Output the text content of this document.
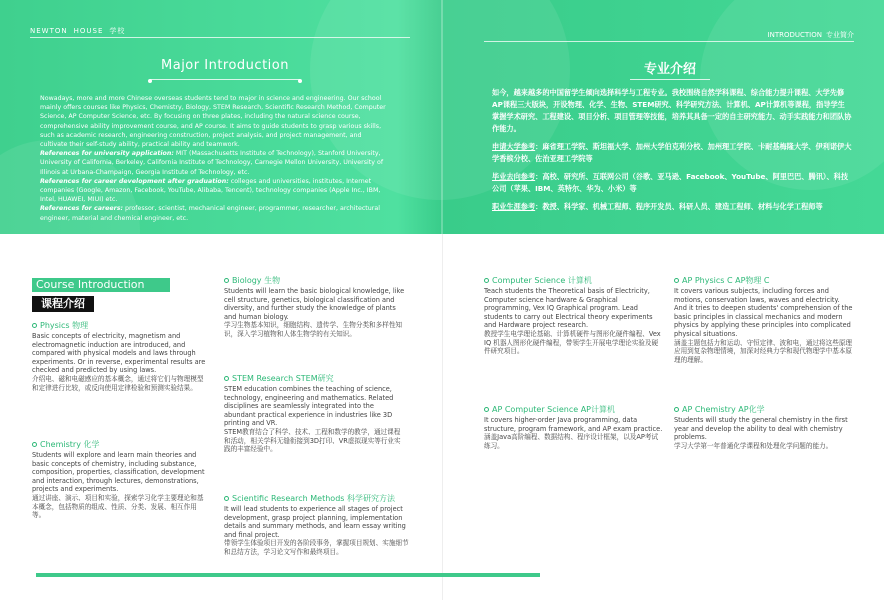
NEWTON HOUSE 学校	INTRODUCTION 专业简介
Major Introduction

Nowadays, more and more Chinese overseas students tend to major in science and engineering. Our school mainly offers courses like Physics, Chemistry, Biology, STEM Research, Scientific Research Method, Computer Science, AP Computer Science, etc. By focusing on three plates, including the natural science course, comprehensive ability improvement course, and AP course. It aims to guide students to grasp various skills, such as academic research, engineering construction, project analysis, and project management, and cultivate their self-study ability, practical ability and teamwork.

References for university application: MIT (Massachusetts Institute of Technology), Stanford University, University of California, Berkeley, California Institute of Technology, Carnegie Mellon University, University of Illinois at Urbana-Champaign, Georgia Institute of Technology, etc.

References for career development after graduation: colleges and universities, institutes, Internet companies (Google, Amazon, Facebook, YouTube, Alibaba, Tencent), technology companies (Apple Inc., IBM, Intel, HUAWEI, MIUI) etc.

References for careers: professor, scientist, mechanical engineer, programmer, researcher, architectural engineer, material and chemical engineer, etc.

专业介绍

如今，越来越多的中国留学生倾向选择科学与工程专业。我校围绕自然学科课程、综合能力提升课程、大学先修AP课程三大版块，开设物理、化学、生物、STEM研究、科学研究方法、计算机、AP计算机等课程，指导学生掌握学术研究、工程建设、项目分析、项目管理等技能，培养其具备一定的自主研究能力、动手实践能力和团队协作能力。

申请大学参考：麻省理工学院、斯坦福大学、加州大学伯克利分校、加州理工学院、卡耐基梅隆大学、伊利诺伊大学香槟分校、佐治亚理工学院等

毕业去向参考：高校、研究所、互联网公司（谷歌、亚马逊、Facebook、YouTube、阿里巴巴、腾讯）、科技公司（苹果、IBM、英特尔、华为、小米）等

职业生涯参考：教授、科学家、机械工程师、程序开发员、科研人员、建造工程师、材料与化学工程师等

Course Introduction
课程介绍
Physics 物理

Basic concepts of electricity, magnetism and electromagnetic induction are introduced, and compared with physical models and laws through experiments. Or in reverse, experimental results are checked and predicted by using laws.

介绍电、磁和电磁感应的基本概念，通过将它们与物理模型和定律进行比较，或反向使用定律检验和预测实验结果。

Chemistry 化学

Students will explore and learn main theories and basic concepts of chemistry, including substance, composition, properties, classification, development and interaction, through lectures, demonstrations, projects and experiments.

通过讲座、演示、项目和实验，探索学习化学主要理论和基本概念，包括物质的组成、性质、分类、发展、相互作用等。

Biology 生物

Students will learn the basic biological knowledge, like cell structure, genetics, biological classification and diversity, and further study the knowledge of plants and human biology.

学习生物基本知识，细胞结构、遗传学、生物分类和多样性知识，深入学习植物和人体生物学的有关知识。

STEM Research STEM研究

STEM education combines the teaching of science, technology, engineering and mathematics. Related disciplines are seamlessly integrated into the abundant practical experience in industries like 3D printing and VR.

STEM教育结合了科学、技术、工程和数学的教学，通过课程和活动，相关学科无缝衔接到3D打印、VR虚拟现实等行业实践的丰富经验中。

Scientific Research Methods 科学研究方法

It will lead students to experience all stages of project development, grasp project planning, implementation details and summary methods, and learn essay writing and final project.

带领学生体验项目开发的各阶段事务，掌握项目规划、实施细节和总结方法，学习论文写作和最终项目。

Computer Science 计算机

Teach students the Theoretical basis of Electricity, Computer science hardware & Graphical programming, Vex IQ Graphical program. Lead students to carry out Electrical theory experiments and Hardware project research.

教授学生电学理论基础、计算机硬件与图形化硬件编程、Vex IQ 机器人图形化硬件编程，带领学生开展电学理论实验及硬件研究项目。

AP Computer Science AP计算机

It covers higher-order Java programming, data structure, program framework, and AP exam practice.

涵盖Java高阶编程、数据结构、程序设计框架，以及AP考试练习。

AP Physics C AP物理 C

It covers various subjects, including forces and motions, conservation laws, waves and electricity. And it tries to deepen students' comprehension of the basic principles in classical mechanics and modern physics by applying these principles into complicated physical situations.

涵盖主题包括力和运动、守恒定律、波和电，通过将这些原理应用到复杂物理情境，加深对经典力学和现代物理学中基本原理的理解。

AP Chemistry AP化学

Students will study the general chemistry in the first year and develop the ability to deal with chemistry problems.

学习大学第一年普通化学课程和处理化学问题的能力。
